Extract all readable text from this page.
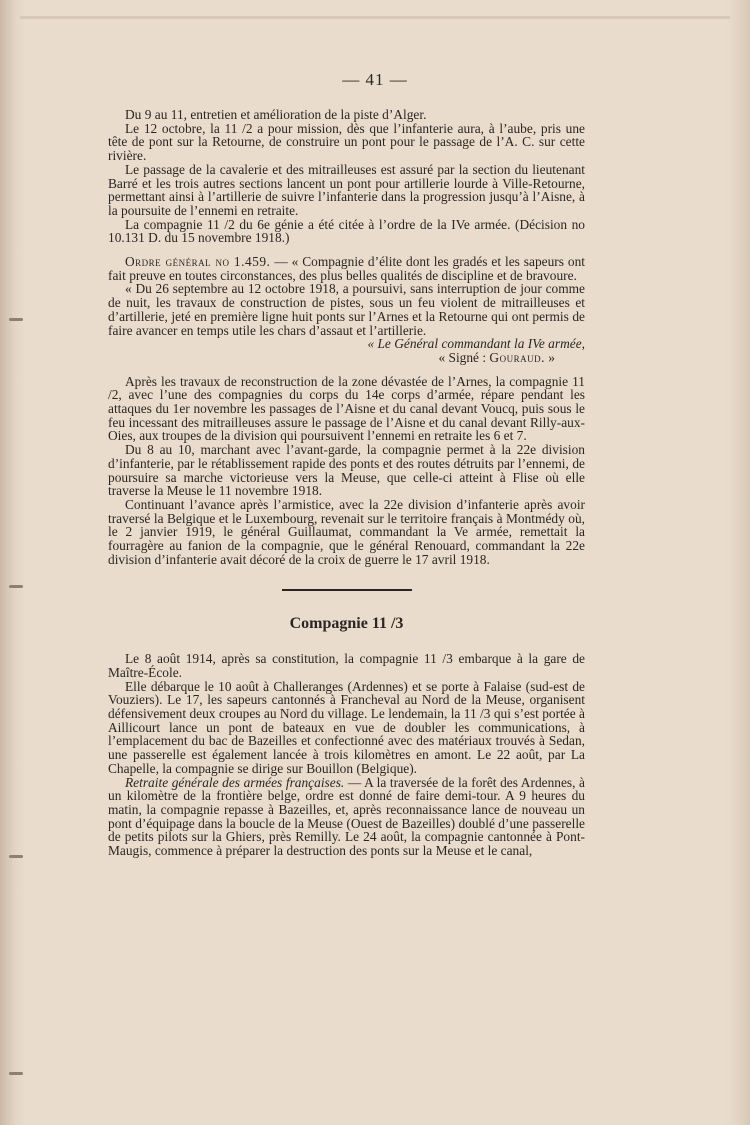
— 41 —

Du 9 au 11, entretien et amélioration de la piste d’Alger.

Le 12 octobre, la 11 /2 a pour mission, dès que l’infanterie aura, à l’aube, pris une tête de pont sur la Retourne, de construire un pont pour le passage de l’A. C. sur cette rivière.

Le passage de la cavalerie et des mitrailleuses est assuré par la section du lieutenant Barré et les trois autres sections lancent un pont pour artillerie lourde à Ville-Retourne, permettant ainsi à l’artillerie de suivre l’infanterie dans la progression jusqu’à l’Aisne, à la poursuite de l’ennemi en retraite.

La compagnie 11 /2 du 6e génie a été citée à l’ordre de la IVe armée. (Décision no 10.131 D. du 15 novembre 1918.)

Ordre général no 1.459. — « Compagnie d’élite dont les gradés et les sapeurs ont fait preuve en toutes circonstances, des plus belles qualités de discipline et de bravoure.

« Du 26 septembre au 12 octobre 1918, a poursuivi, sans interruption de jour comme de nuit, les travaux de construction de pistes, sous un feu violent de mitrailleuses et d’artillerie, jeté en première ligne huit ponts sur l’Arnes et la Retourne qui ont permis de faire avancer en temps utile les chars d’assaut et l’artillerie.

« Le Général commandant la IVe armée,

« Signé : Gouraud. »

Après les travaux de reconstruction de la zone dévastée de l’Arnes, la compagnie 11 /2, avec l’une des compagnies du corps du 14e corps d’armée, répare pendant les attaques du 1er novembre les passages de l’Aisne et du canal devant Voucq, puis sous le feu incessant des mitrailleuses assure le passage de l’Aisne et du canal devant Rilly-aux-Oies, aux troupes de la division qui poursuivent l’ennemi en retraite les 6 et 7.

Du 8 au 10, marchant avec l’avant-garde, la compagnie permet à la 22e division d’infanterie, par le rétablissement rapide des ponts et des routes détruits par l’ennemi, de poursuire sa marche victorieuse vers la Meuse, que celle-ci atteint à Flise où elle traverse la Meuse le 11 novembre 1918.

Continuant l’avance après l’armistice, avec la 22e division d’infanterie après avoir traversé la Belgique et le Luxembourg, revenait sur le territoire français à Montmédy où, le 2 janvier 1919, le général Guillaumat, commandant la Ve armée, remettait la fourragère au fanion de la compagnie, que le général Renouard, commandant la 22e division d’infanterie avait décoré de la croix de guerre le 17 avril 1918.

Compagnie 11 /3

Le 8 août 1914, après sa constitution, la compagnie 11 /3 embarque à la gare de Maître-École.

Elle débarque le 10 août à Challeranges (Ardennes) et se porte à Falaise (sud-est de Vouziers). Le 17, les sapeurs cantonnés à Francheval au Nord de la Meuse, organisent défensivement deux croupes au Nord du village. Le lendemain, la 11 /3 qui s’est portée à Aillicourt lance un pont de bateaux en vue de doubler les communications, à l’emplacement du bac de Bazeilles et confectionné avec des matériaux trouvés à Sedan, une passerelle est également lancée à trois kilomètres en amont. Le 22 août, par La Chapelle, la compagnie se dirige sur Bouillon (Belgique).

Retraite générale des armées françaises. — A la traversée de la forêt des Ardennes, à un kilomètre de la frontière belge, ordre est donné de faire demi-tour. A 9 heures du matin, la compagnie repasse à Bazeilles, et, après reconnaissance lance de nouveau un pont d’équipage dans la boucle de la Meuse (Ouest de Bazeilles) doublé d’une passerelle de petits pilots sur la Ghiers, près Remilly. Le 24 août, la compagnie cantonnée à Pont-Maugis, commence à préparer la destruction des ponts sur la Meuse et le canal,
